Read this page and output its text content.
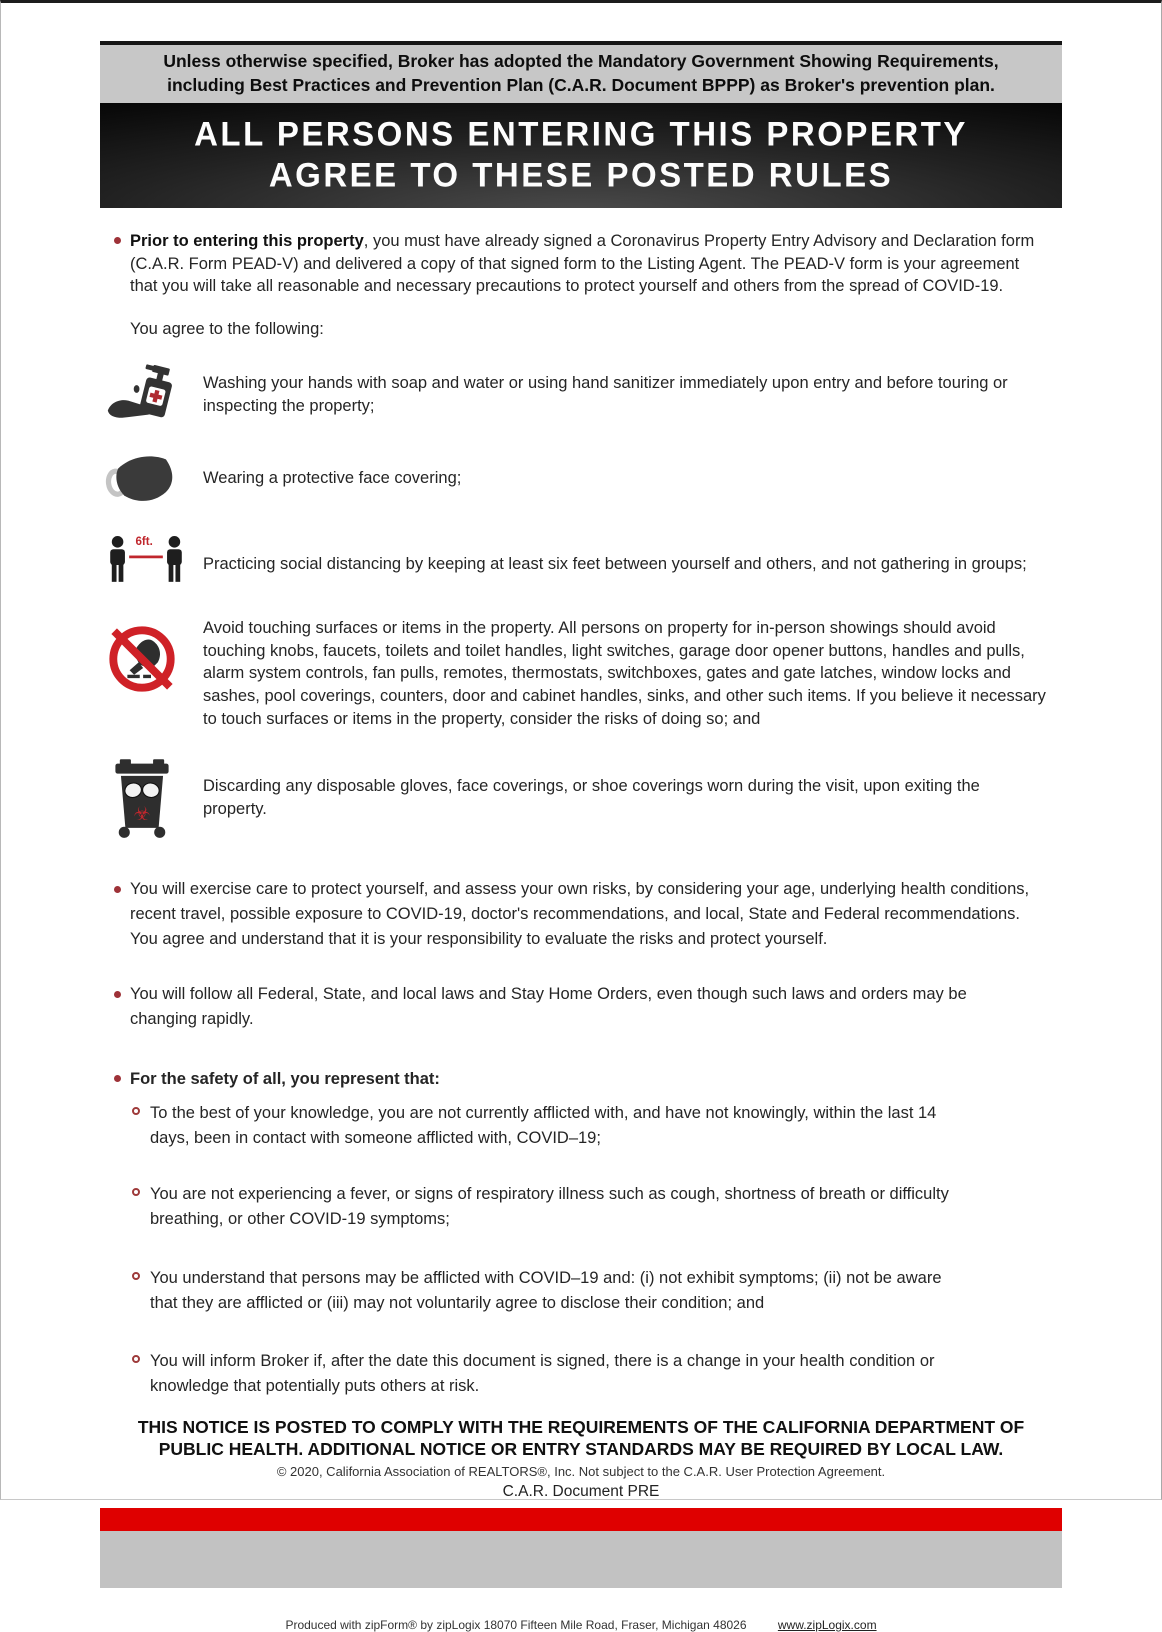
Unless otherwise specified, Broker has adopted the Mandatory Government Showing Requirements,
including Best Practices and Prevention Plan (C.A.R. Document BPPP) as Broker's prevention plan.
ALL PERSONS ENTERING THIS PROPERTY
AGREE TO THESE POSTED RULES
Prior to entering this property, you must have already signed a Coronavirus Property Entry Advisory and Declaration form (C.A.R. Form PEAD-V) and delivered a copy of that signed form to the Listing Agent. The PEAD-V form is your agreement that you will take all reasonable and necessary precautions to protect yourself and others from the spread of COVID-19.
You agree to the following:
Washing your hands with soap and water or using hand sanitizer immediately upon entry and before touring or inspecting the property;
Wearing a protective face covering;
6ft.
Practicing social distancing by keeping at least six feet between yourself and others, and not gathering in groups;
Avoid touching surfaces or items in the property. All persons on property for in-person showings should avoid touching knobs, faucets, toilets and toilet handles, light switches, garage door opener buttons, handles and pulls, alarm system controls, fan pulls, remotes, thermostats, switchboxes, gates and gate latches, window locks and sashes, pool coverings, counters, door and cabinet handles, sinks, and other such items. If you believe it necessary to touch surfaces or items in the property, consider the risks of doing so; and
☣
Discarding any disposable gloves, face coverings, or shoe coverings worn during the visit, upon exiting the property.
You will exercise care to protect yourself, and assess your own risks, by considering your age, underlying health conditions, recent travel, possible exposure to COVID-19, doctor's recommendations, and local, State and Federal recommendations. You agree and understand that it is your responsibility to evaluate the risks and protect yourself.
You will follow all Federal, State, and local laws and Stay Home Orders, even though such laws and orders may be changing rapidly.
For the safety of all, you represent that:
To the best of your knowledge, you are not currently afflicted with, and have not knowingly, within the last 14 days, been in contact with someone afflicted with, COVID–19;
You are not experiencing a fever, or signs of respiratory illness such as cough, shortness of breath or difficulty breathing, or other COVID-19 symptoms;
You understand that persons may be afflicted with COVID–19 and: (i) not exhibit symptoms; (ii) not be aware that they are afflicted or (iii) may not voluntarily agree to disclose their condition; and
You will inform Broker if, after the date this document is signed, there is a change in your health condition or knowledge that potentially puts others at risk.
THIS NOTICE IS POSTED TO COMPLY WITH THE REQUIREMENTS OF THE CALIFORNIA DEPARTMENT OF
PUBLIC HEALTH. ADDITIONAL NOTICE OR ENTRY STANDARDS MAY BE REQUIRED BY LOCAL LAW.
© 2020, California Association of REALTORS®, Inc. Not subject to the C.A.R. User Protection Agreement.
C.A.R. Document PRE
Produced with zipForm® by zipLogix 18070 Fifteen Mile Road, Fraser, Michigan 48026	www.zipLogix.com
